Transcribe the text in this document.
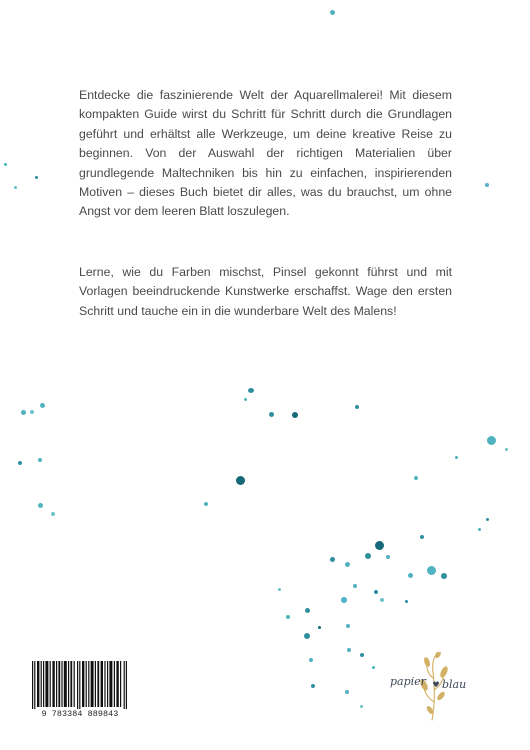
Entdecke die faszinierende Welt der Aquarellmalerei! Mit diesem kompakten Guide wirst du Schritt für Schritt durch die Grundlagen geführt und erhältst alle Werkzeuge, um deine kreative Reise zu beginnen. Von der Auswahl der richtigen Materialien über grundlegende Maltechniken bis hin zu einfachen, inspirierenden Motiven – dieses Buch bietet dir alles, was du brauchst, um ohne Angst vor dem leeren Blatt loszulegen.

Lerne, wie du Farben mischst, Pinsel gekonnt führst und mit Vorlagen beeindruckende Kunstwerke erschaffst. Wage den ersten Schritt und tauche ein in die wunderbare Welt des Malens!

9 783384 889843
papier blau
